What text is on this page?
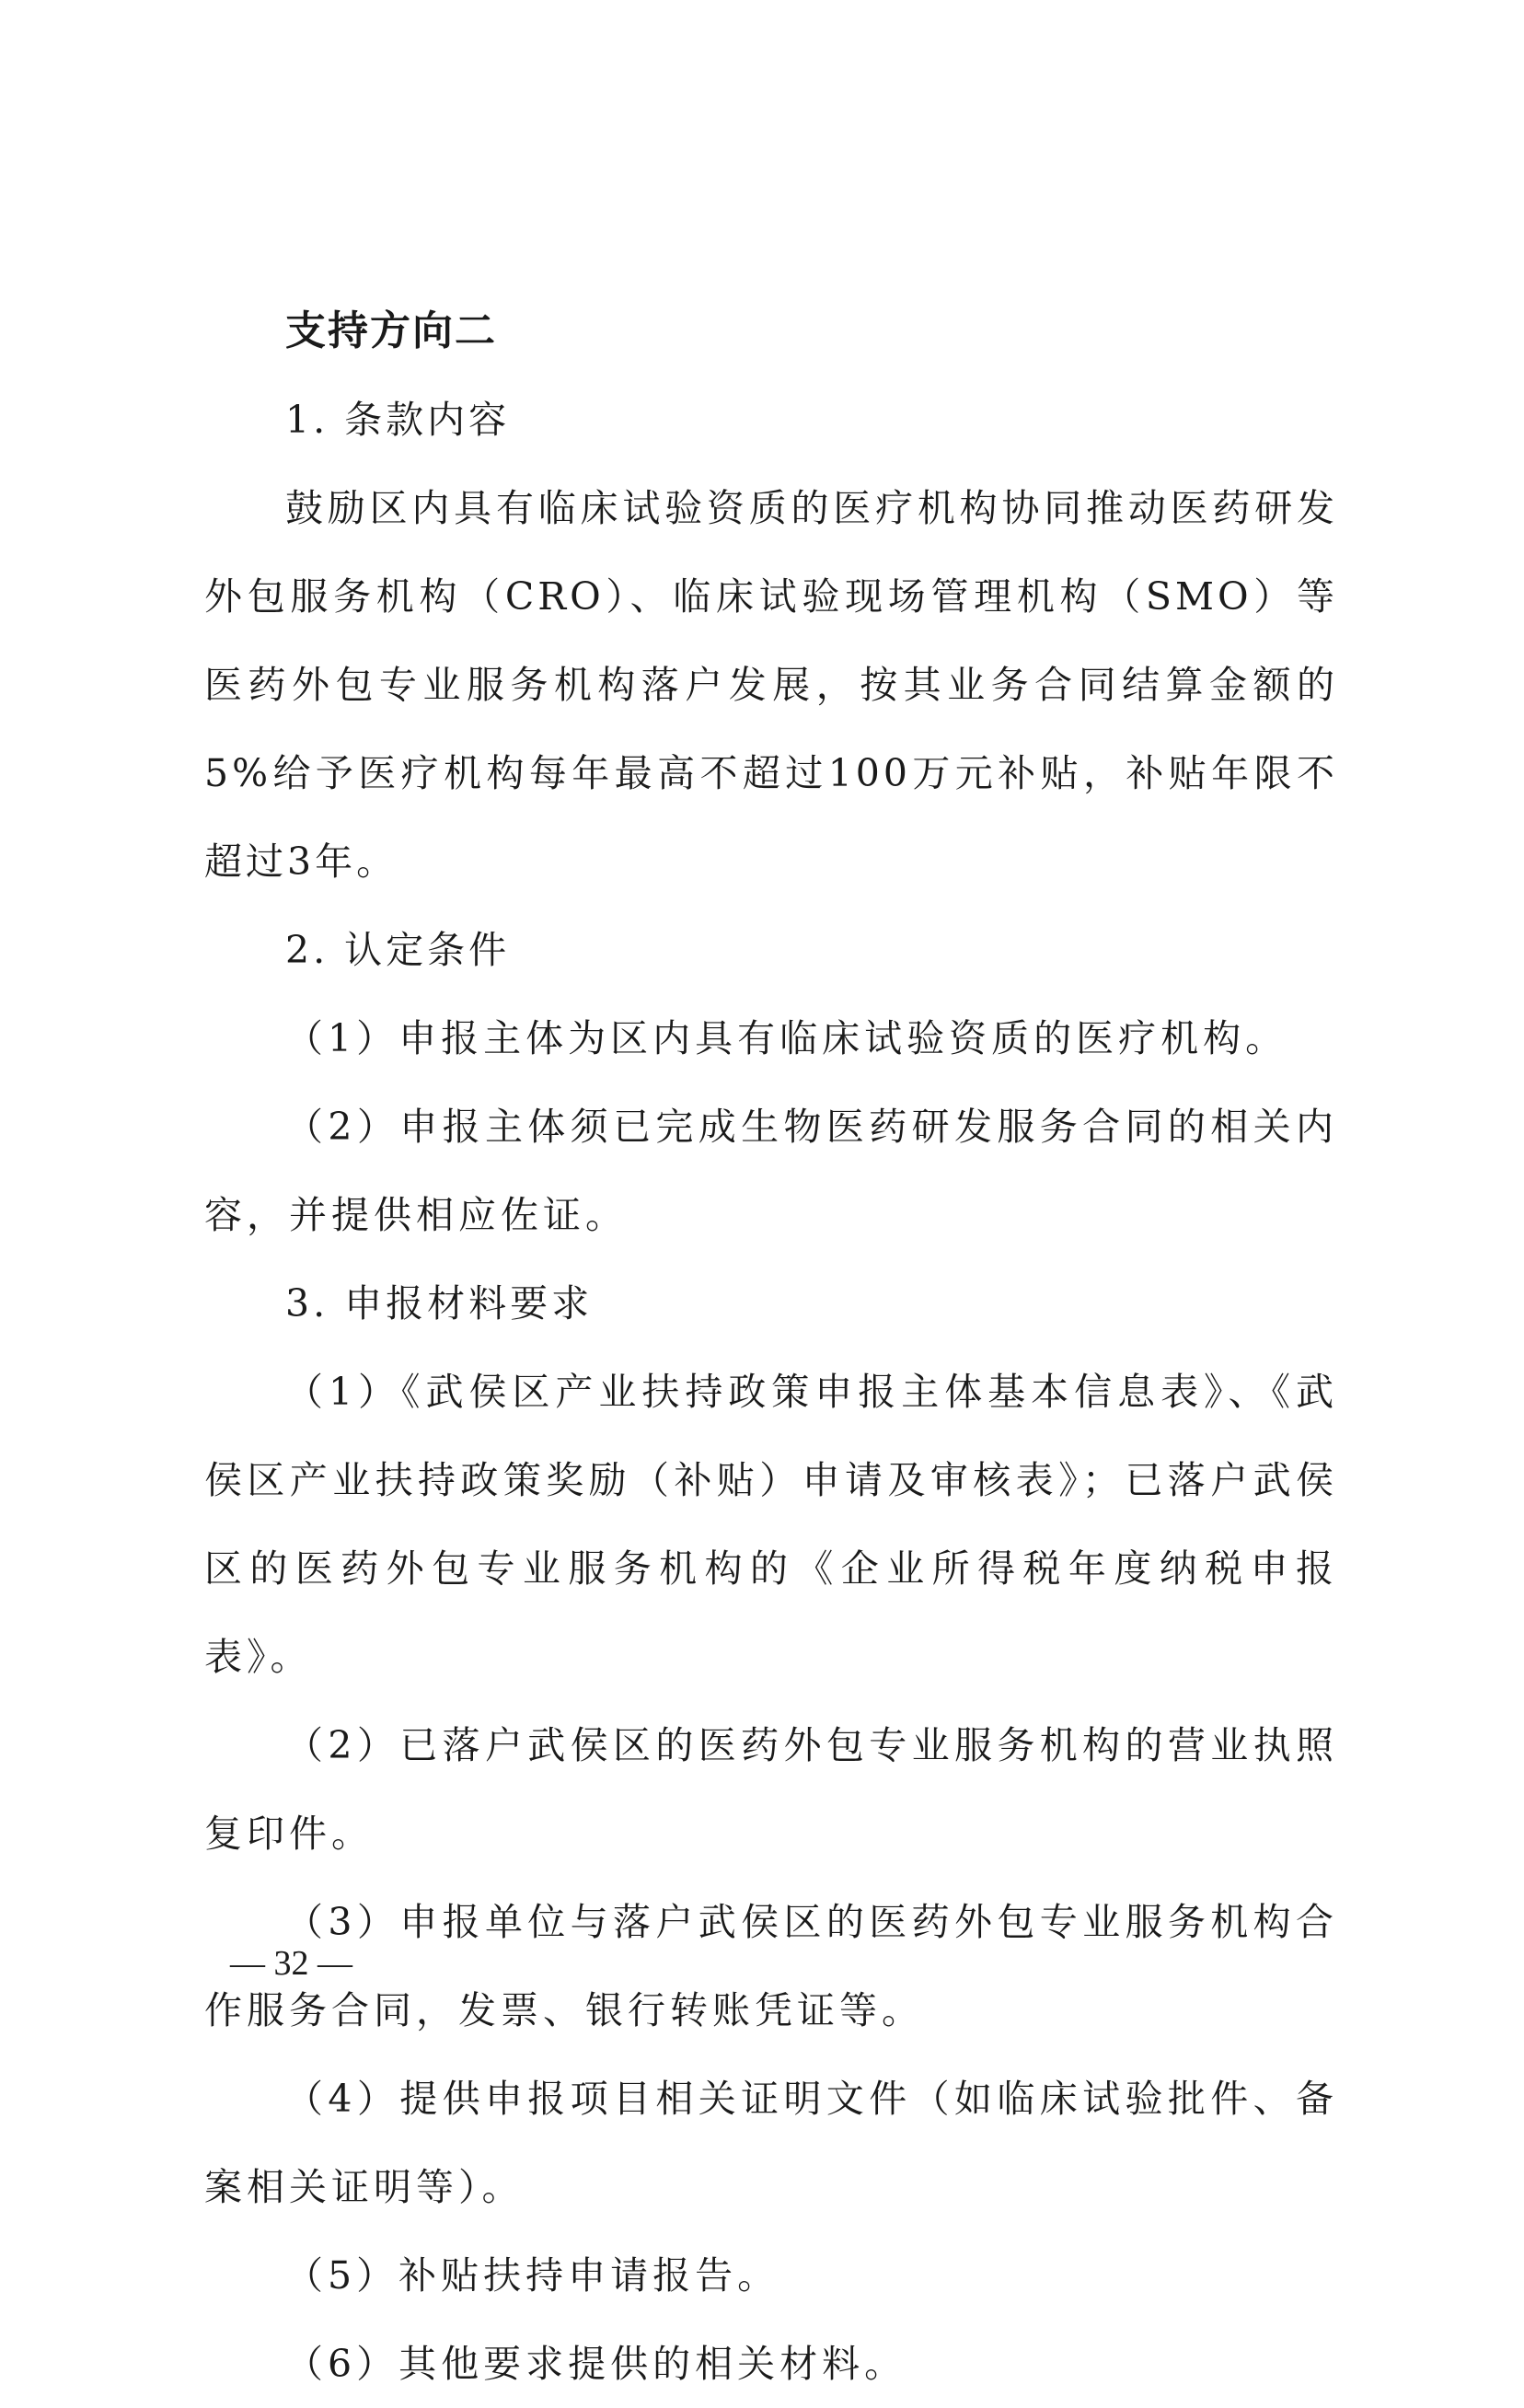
支持方向二

1. 条款内容

鼓励区内具有临床试验资质的医疗机构协同推动医药研发外包服务机构（CRO）、临床试验现场管理机构（SMO）等医药外包专业服务机构落户发展，按其业务合同结算金额的5%给予医疗机构每年最高不超过100万元补贴，补贴年限不超过3年。

2. 认定条件

（1）申报主体为区内具有临床试验资质的医疗机构。

（2）申报主体须已完成生物医药研发服务合同的相关内容，并提供相应佐证。

3. 申报材料要求

（1）《武侯区产业扶持政策申报主体基本信息表》、《武侯区产业扶持政策奖励（补贴）申请及审核表》；已落户武侯区的医药外包专业服务机构的《企业所得税年度纳税申报表》。

（2）已落户武侯区的医药外包专业服务机构的营业执照复印件。

（3）申报单位与落户武侯区的医药外包专业服务机构合作服务合同，发票、银行转账凭证等。

（4）提供申报项目相关证明文件（如临床试验批件、备案相关证明等）。

（5）补贴扶持申请报告。

（6）其他要求提供的相关材料。

— 32 —
